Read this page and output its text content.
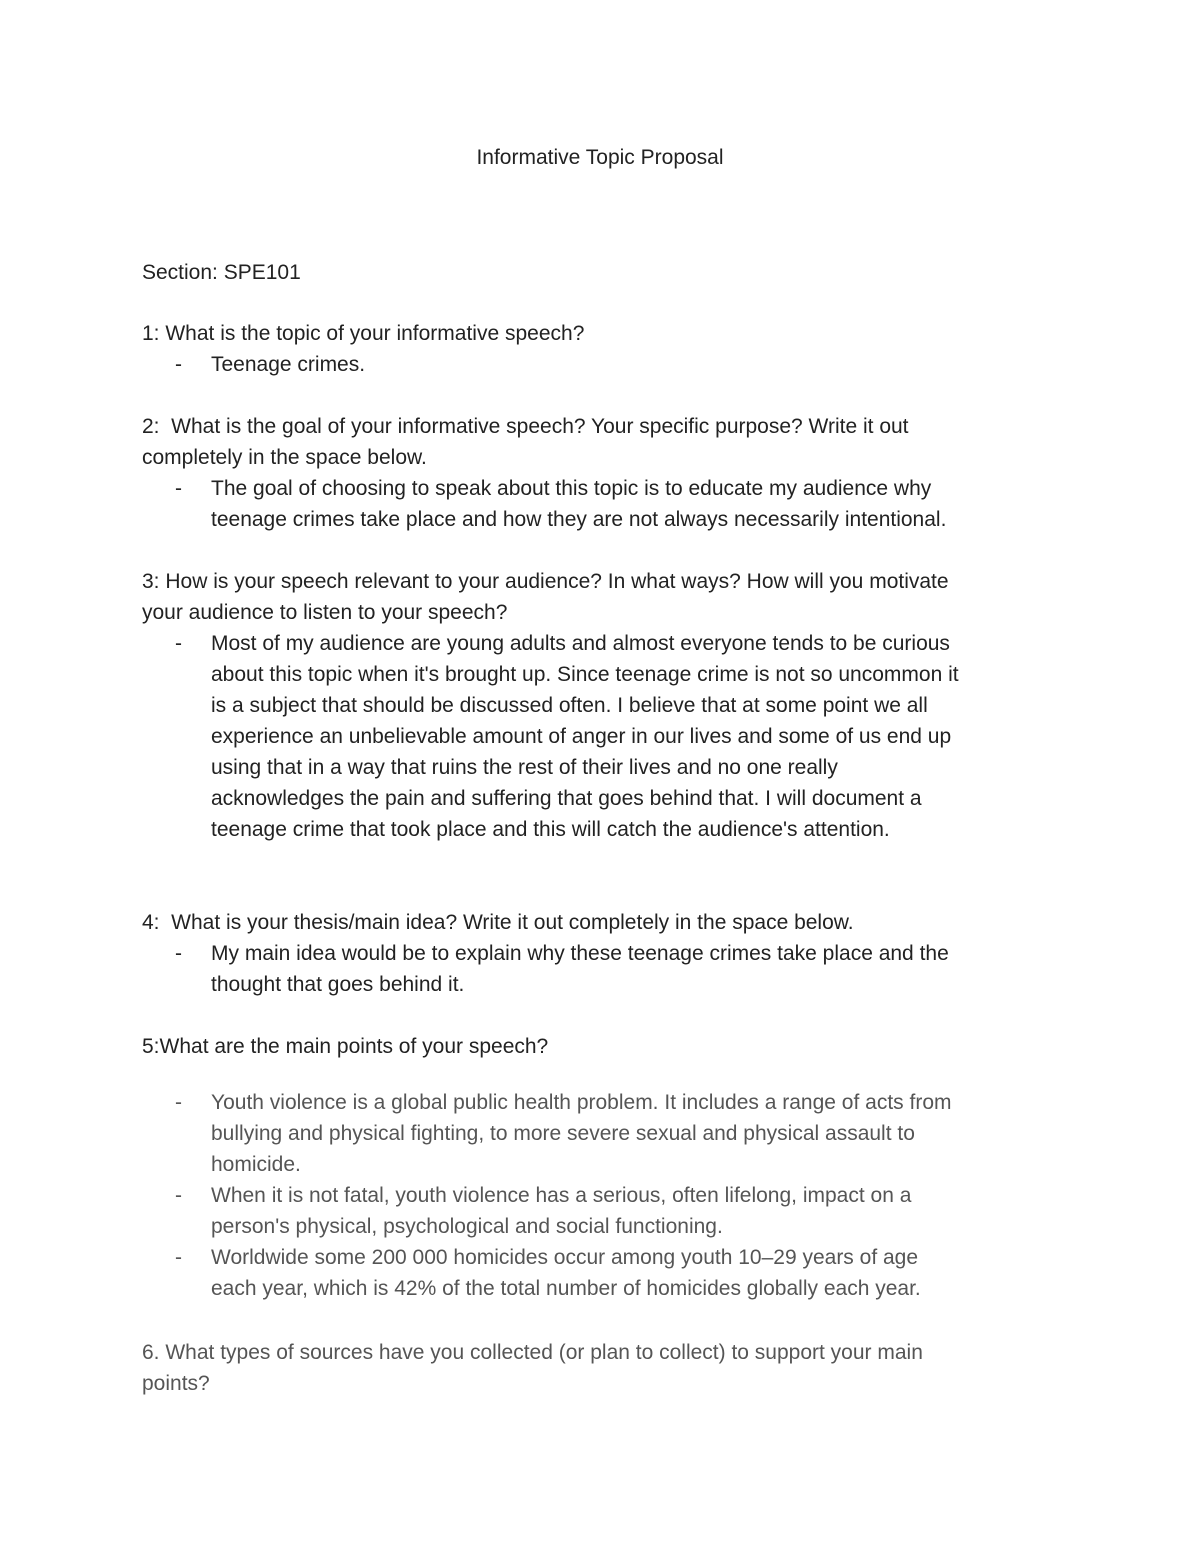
Informative Topic Proposal
Section: SPE101
1: What is the topic of your informative speech?
- Teenage crimes.
2:  What is the goal of your informative speech? Your specific purpose? Write it out
completely in the space below.
- The goal of choosing to speak about this topic is to educate my audience why
teenage crimes take place and how they are not always necessarily intentional.
3: How is your speech relevant to your audience? In what ways? How will you motivate
your audience to listen to your speech?
- Most of my audience are young adults and almost everyone tends to be curious
about this topic when it's brought up. Since teenage crime is not so uncommon it
is a subject that should be discussed often. I believe that at some point we all
experience an unbelievable amount of anger in our lives and some of us end up
using that in a way that ruins the rest of their lives and no one really
acknowledges the pain and suffering that goes behind that. I will document a
teenage crime that took place and this will catch the audience's attention.
4:  What is your thesis/main idea? Write it out completely in the space below.
- My main idea would be to explain why these teenage crimes take place and the
thought that goes behind it.
5:What are the main points of your speech?
- Youth violence is a global public health problem. It includes a range of acts from
bullying and physical fighting, to more severe sexual and physical assault to
homicide.
- When it is not fatal, youth violence has a serious, often lifelong, impact on a
person's physical, psychological and social functioning.
- Worldwide some 200 000 homicides occur among youth 10–29 years of age
each year, which is 42% of the total number of homicides globally each year.
6. What types of sources have you collected (or plan to collect) to support your main
points?
